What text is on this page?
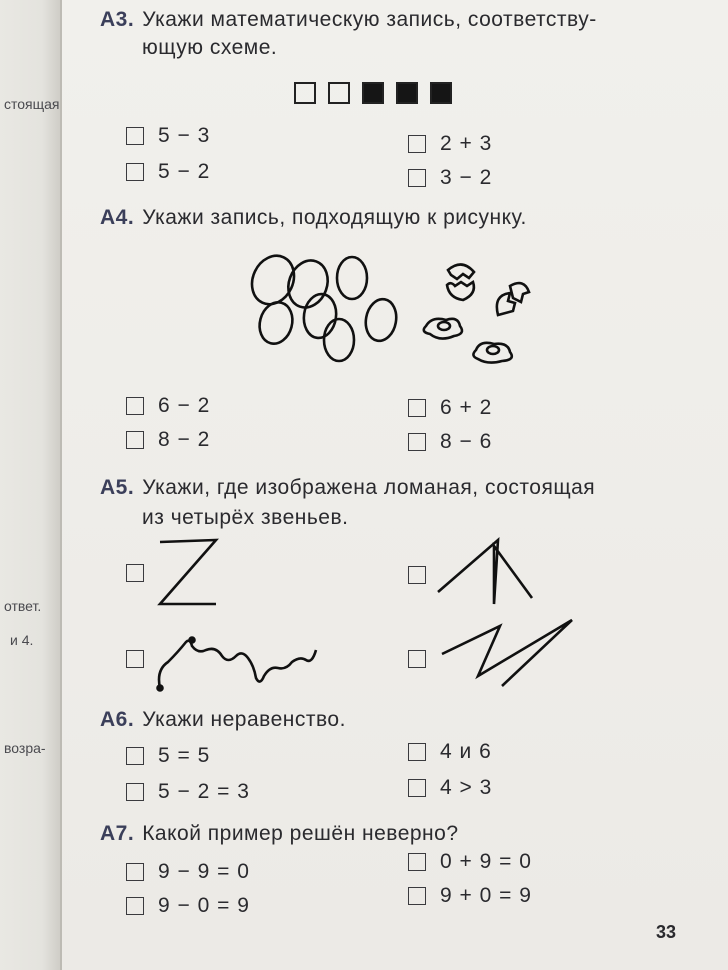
стоящая
ответ.
и 4.
возра-
А3. Укажи математическую запись, соответству-
ющую схеме.
5 − 3
5 − 2
2 + 3
3 − 2
А4. Укажи запись, подходящую к рисунку.
6 − 2
8 − 2
6 + 2
8 − 6
А5. Укажи, где изображена ломаная, состоящая
из четырёх звеньев.
А6. Укажи неравенство.
5 = 5
5 − 2 = 3
4 и 6
4 > 3
А7. Какой пример решён неверно?
9 − 9 = 0
9 − 0 = 9
0 + 9 = 0
9 + 0 = 9
33
